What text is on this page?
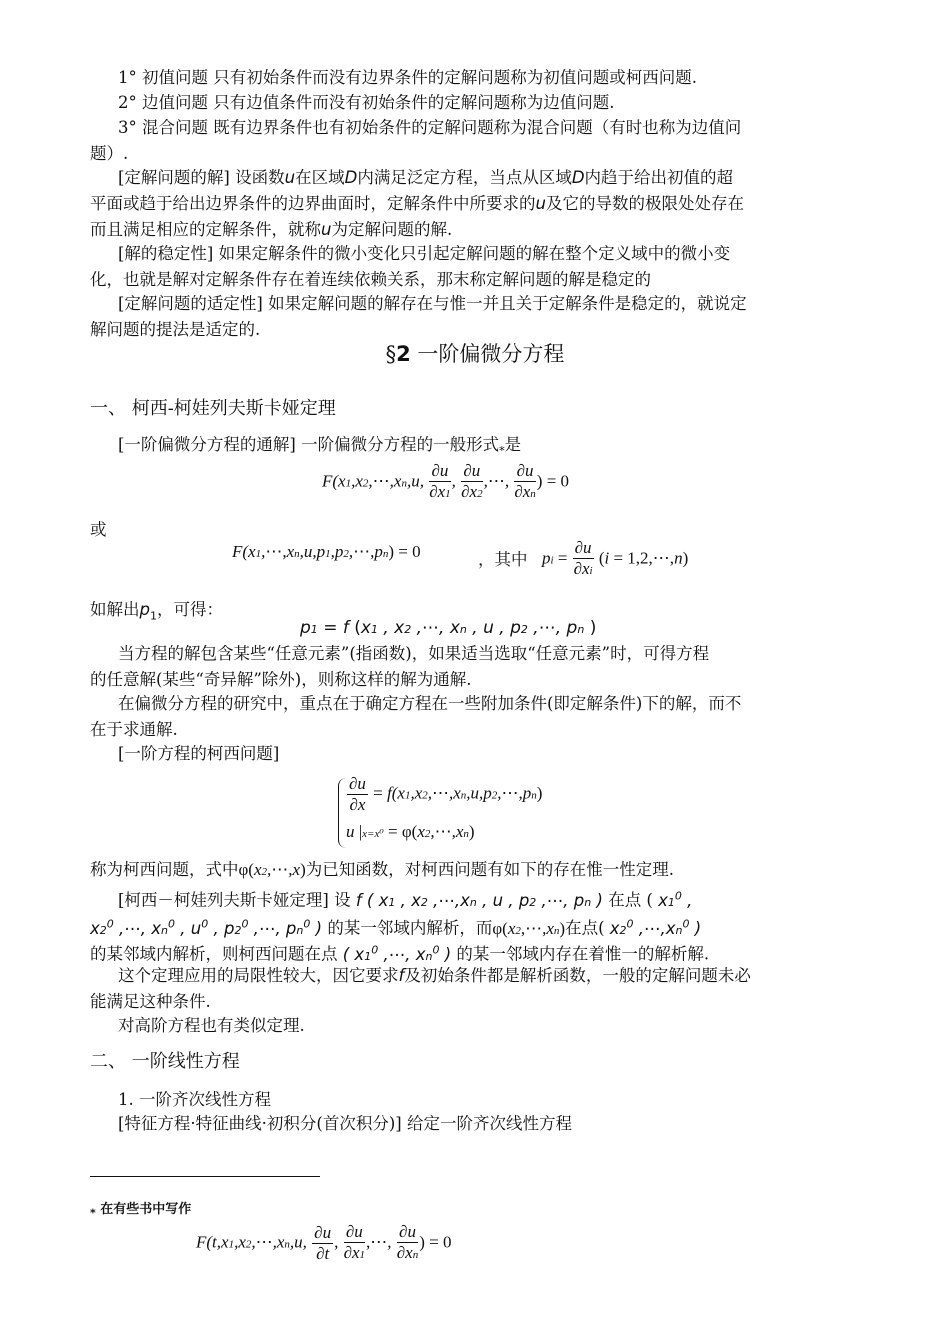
1° 初值问题 只有初始条件而没有边界条件的定解问题称为初值问题或柯西问题.
2° 边值问题 只有边值条件而没有初始条件的定解问题称为边值问题.
3° 混合问题 既有边界条件也有初始条件的定解问题称为混合问题（有时也称为边值问
题）.
[定解问题的解] 设函数u在区域D内满足泛定方程，当点从区域D内趋于给出初值的超
平面或趋于给出边界条件的边界曲面时，定解条件中所要求的u及它的导数的极限处处存在
而且满足相应的定解条件，就称u为定解问题的解.
[解的稳定性] 如果定解条件的微小变化只引起定解问题的解在整个定义域中的微小变
化，也就是解对定解条件存在着连续依赖关系，那末称定解问题的解是稳定的
[定解问题的适定性] 如果定解问题的解存在与惟一并且关于定解条件是稳定的，就说定
解问题的提法是适定的.
§2 一阶偏微分方程
一、 柯西-柯娃列夫斯卡娅定理
[一阶偏微分方程的通解] 一阶偏微分方程的一般形式$_*$是
F(x1,x2,⋯,xn,u, $\frac{\partial u}{\partial x1}$ , $\frac{\partial u}{\partial x2}$ ,⋯, $\frac{\partial u}{\partial xn}$ ) = 0
或
F(x1,⋯,xn,u,p1,p2,⋯,pn) = 0	，其中 pi = $\frac{\partial u}{\partial xi} (i$ = 1,2,⋯,n)
如解出$p_1$，可得：
p1 = f (x1 , x2 ,⋯, xn , u , p2 ,⋯, pn )
当方程的解包含某些“任意元素”(指函数)，如果适当选取“任意元素”时，可得方程
的任意解(某些“奇异解”除外)，则称这样的解为通解.
在偏微分方程的研究中，重点在于确定方程在一些附加条件(即定解条件)下的解，而不
在于求通解.
[一阶方程的柯西问题]
$\frac{\partial u}{\partial x}$ = f(x1,x2,⋯,xn,u,p2,⋯,pn)
u |x=x⁰ = φ(x2,⋯,xn)
称为柯西问题，式中φ(x2,⋯,x)为已知函数，对柯西问题有如下的存在惟一性定理.
[柯西－柯娃列夫斯卡娅定理] 设 f ( x1 , x2 ,⋯,xn , u , p2 ,⋯, pn ) 在点 ( $x1^0$ ,
$x2^0$ ,⋯, $xn^0$ , $u^0$ , $p2^0$ ,⋯, $pn^0$ ) 的某一邻域内解析，而φ(x2,⋯,xn)在点( $x2^0$ $,\cdots,xn^0$ )
的某邻域内解析，则柯西问题在点 ( $x1^0$ ,⋯, $xn^0$ ) 的某一邻域内存在着惟一的解析解.
这个定理应用的局限性较大，因它要求f及初始条件都是解析函数，一般的定解问题未必
能满足这种条件.
对高阶方程也有类似定理.
二、 一阶线性方程
1. 一阶齐次线性方程
[特征方程·特征曲线·初积分(首次积分)] 给定一阶齐次线性方程
$_*$ 在有些书中写作
F(t,x1,x2,⋯,xn,u, $\frac{\partial u}{\partial t}$ , $\frac{\partial u}{\partial x1}$ ,⋯, $\frac{\partial u}{\partial xn}$ ) = 0
